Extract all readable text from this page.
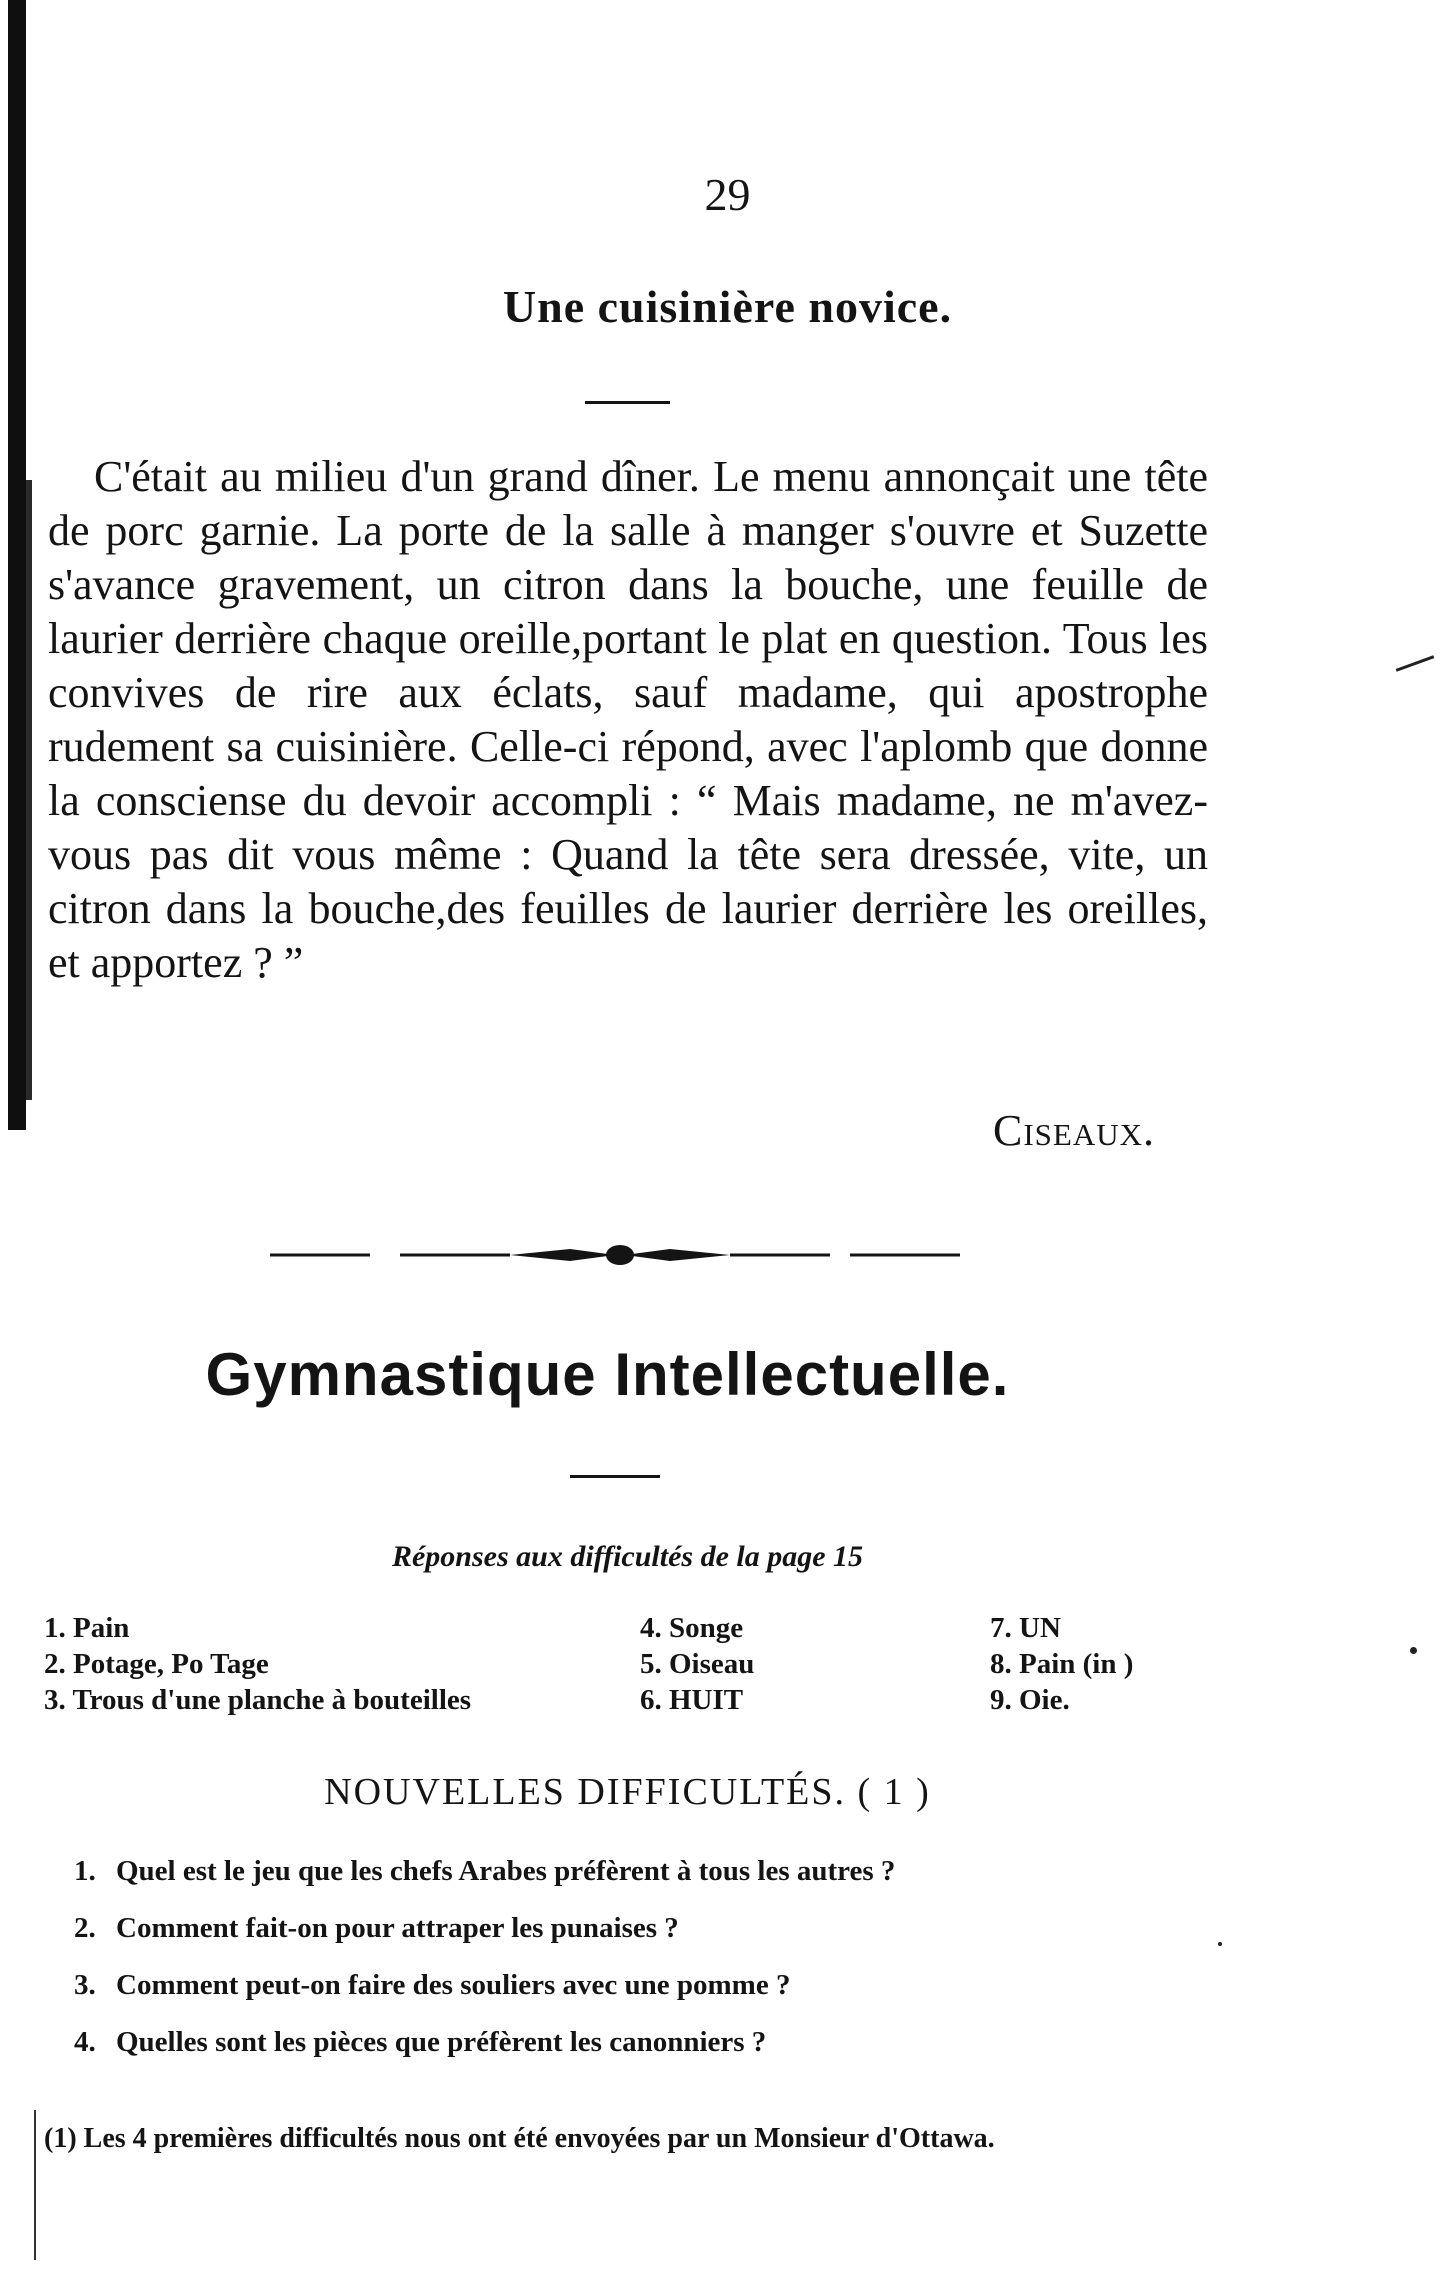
29
Une cuisinière novice.
C'était au milieu d'un grand dîner. Le menu annonçait une tête de porc garnie. La porte de la salle à manger s'ouvre et Suzette s'avance gravement, un citron dans la bouche, une feuille de laurier derrière chaque oreille,portant le plat en question. Tous les convives de rire aux éclats, sauf madame, qui apostrophe rudement sa cuisinière. Celle-ci répond, avec l'aplomb que donne la consciense du devoir accompli : “ Mais madame, ne m'avez-vous pas dit vous même : Quand la tête sera dressée, vite, un citron dans la bouche,des feuilles de laurier derrière les oreilles, et apportez ? ”
Ciseaux.
Gymnastique Intellectuelle.
Réponses aux difficultés de la page 15
1. Pain
2. Potage, Po Tage
3. Trous d'une planche à bouteilles
4. Songe
5. Oiseau
6. HUIT
7. UN
8. Pain (in )
9. Oie.
NOUVELLES DIFFICULTÉS. ( 1 )
1. Quel est le jeu que les chefs Arabes préfèrent à tous les autres ?
2. Comment fait-on pour attraper les punaises ?
3. Comment peut-on faire des souliers avec une pomme ?
4. Quelles sont les pièces que préfèrent les canonniers ?
(1) Les 4 premières difficultés nous ont été envoyées par un Monsieur d'Ottawa.
